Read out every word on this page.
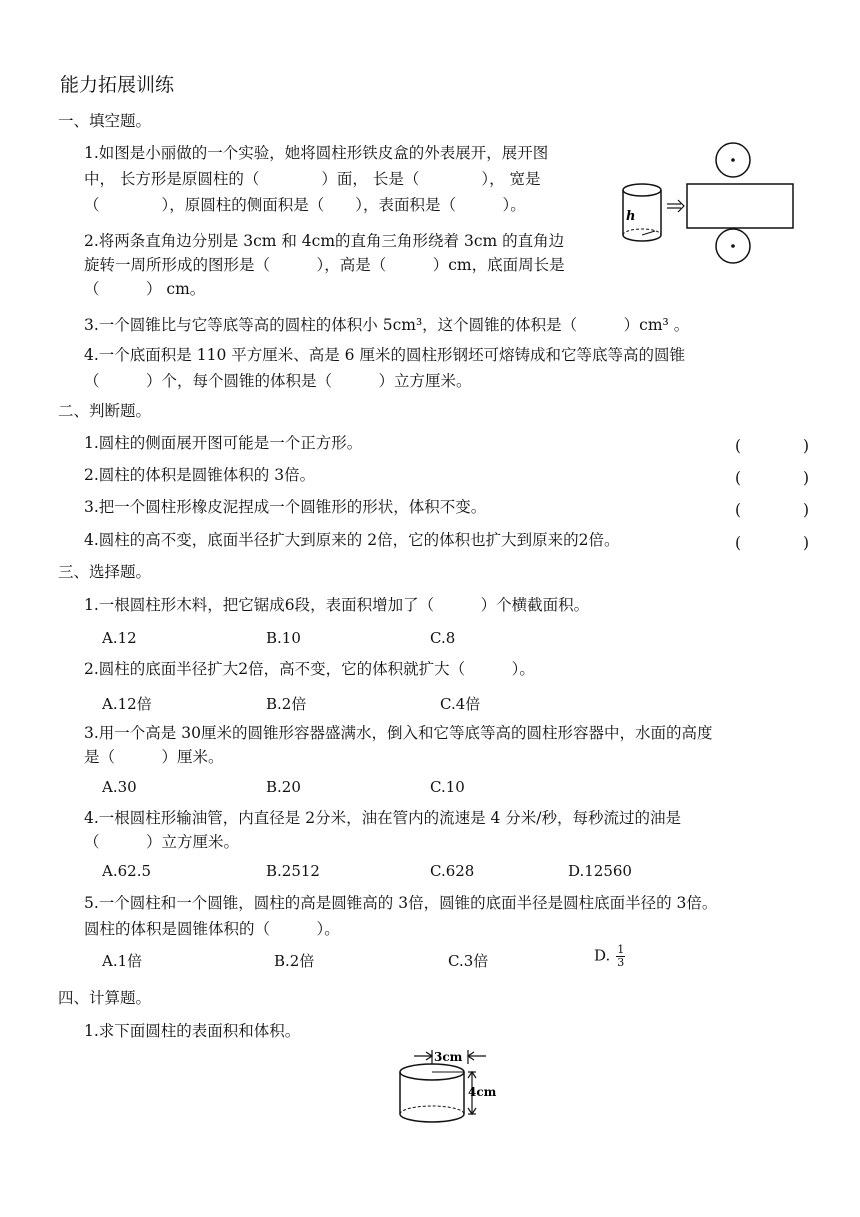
能力拓展训练
一、填空题。
1.如图是小丽做的一个实验，她将圆柱形铁皮盒的外表展开，展开图
中， 长方形是原圆柱的（　　　　）面， 长是（　　　　）， 宽是
（　　　　），原圆柱的侧面积是（　　），表面积是（　　　）。
h
2.将两条直角边分别是 3cm 和 4cm的直角三角形绕着 3cm 的直角边
旋转一周所形成的图形是（　　　），高是（　　　）cm，底面周长是
（　　　） cm。
3.一个圆锥比与它等底等高的圆柱的体积小 5cm³，这个圆锥的体积是（　　　）cm³ 。
4.一个底面积是 110 平方厘米、高是 6 厘米的圆柱形钢坯可熔铸成和它等底等高的圆锥
（　　　）个，每个圆锥的体积是（　　　）立方厘米。
二、判断题。
1.圆柱的侧面展开图可能是一个正方形。	(　　　　)
2.圆柱的体积是圆锥体积的 3倍。	(　　　　)
3.把一个圆柱形橡皮泥捏成一个圆锥形的形状，体积不变。	(　　　　)
4.圆柱的高不变，底面半径扩大到原来的 2倍，它的体积也扩大到原来的2倍。	(　　　　)
三、选择题。
1.一根圆柱形木料，把它锯成6段，表面积增加了（　　　）个横截面积。
A.12	B.10	C.8
2.圆柱的底面半径扩大2倍，高不变，它的体积就扩大（　　　）。
A.12倍	B.2倍	C.4倍
3.用一个高是 30厘米的圆锥形容器盛满水，倒入和它等底等高的圆柱形容器中，水面的高度
是（　　　）厘米。
A.30	B.20	C.10
4.一根圆柱形输油管，内直径是 2分米，油在管内的流速是 4 分米/秒，每秒流过的油是
（　　　）立方厘米。
A.62.5	B.2512	C.628	D.12560
5.一个圆柱和一个圆锥，圆柱的高是圆锥高的 3倍，圆锥的底面半径是圆柱底面半径的 3倍。
圆柱的体积是圆锥体积的（　　　）。
A.1倍	B.2倍	C.3倍	D. $\frac{1}{3}$
四、计算题。
1.求下面圆柱的表面积和体积。
3cm
4cm
